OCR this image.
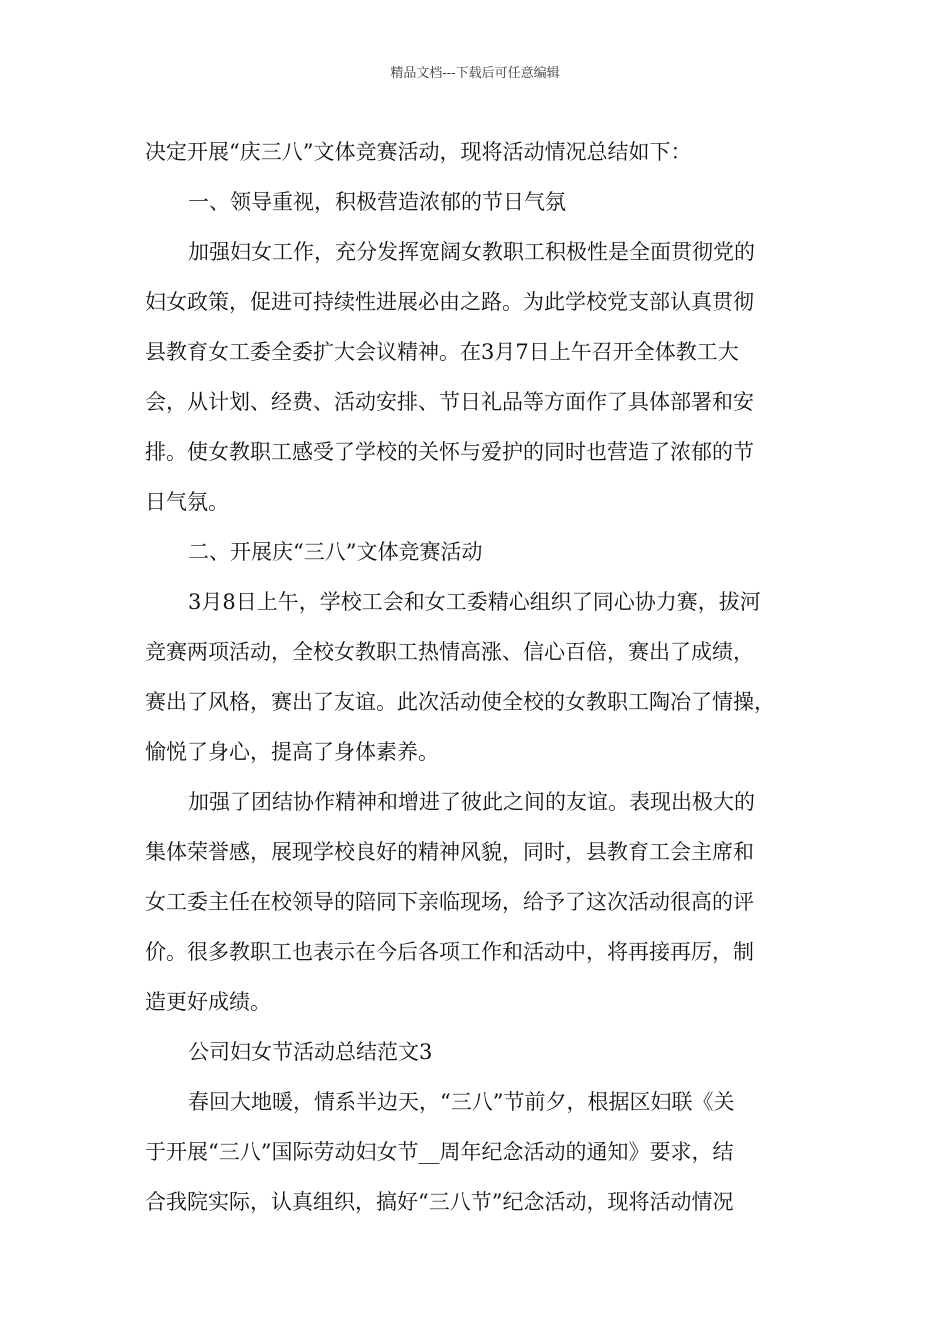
精品文档---下载后可任意编辑
决定开展“庆三八”文体竞赛活动，现将活动情况总结如下：
一、领导重视，积极营造浓郁的节日气氛
加强妇女工作，充分发挥宽阔女教职工积极性是全面贯彻党的
妇女政策，促进可持续性进展必由之路。为此学校党支部认真贯彻
县教育女工委全委扩大会议精神。在3月7日上午召开全体教工大
会，从计划、经费、活动安排、节日礼品等方面作了具体部署和安
排。使女教职工感受了学校的关怀与爱护的同时也营造了浓郁的节
日气氛。
二、开展庆“三八”文体竞赛活动
3月8日上午，学校工会和女工委精心组织了同心协力赛，拔河
竞赛两项活动，全校女教职工热情高涨、信心百倍，赛出了成绩，
赛出了风格，赛出了友谊。此次活动使全校的女教职工陶冶了情操，
愉悦了身心，提高了身体素养。
加强了团结协作精神和增进了彼此之间的友谊。表现出极大的
集体荣誉感，展现学校良好的精神风貌，同时，县教育工会主席和
女工委主任在校领导的陪同下亲临现场，给予了这次活动很高的评
价。很多教职工也表示在今后各项工作和活动中，将再接再厉，制
造更好成绩。
公司妇女节活动总结范文3
春回大地暖，情系半边天，“三八”节前夕，根据区妇联《关
于开展“三八”国际劳动妇女节__周年纪念活动的通知》要求，结
合我院实际，认真组织，搞好“三八节”纪念活动，现将活动情况
